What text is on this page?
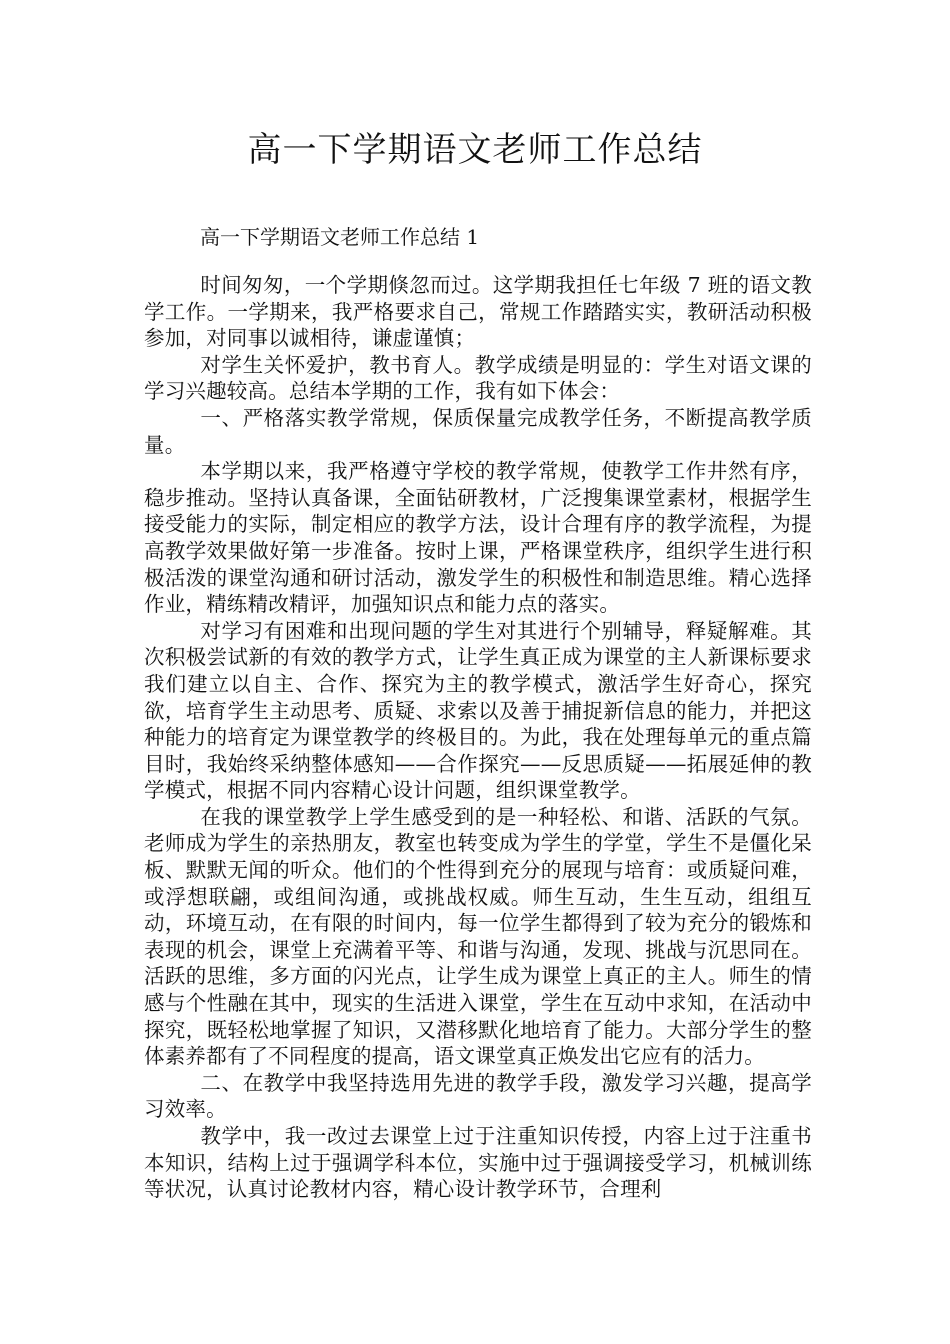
高一下学期语文老师工作总结

高一下学期语文老师工作总结 1

时间匆匆，一个学期倏忽而过。这学期我担任七年级 7 班的语文教学工作。一学期来，我严格要求自己，常规工作踏踏实实，教研活动积极参加，对同事以诚相待，谦虚谨慎；

对学生关怀爱护，教书育人。教学成绩是明显的：学生对语文课的学习兴趣较高。总结本学期的工作，我有如下体会：

一、严格落实教学常规，保质保量完成教学任务，不断提高教学质量。

本学期以来，我严格遵守学校的教学常规，使教学工作井然有序，稳步推动。坚持认真备课，全面钻研教材，广泛搜集课堂素材，根据学生接受能力的实际，制定相应的教学方法，设计合理有序的教学流程，为提高教学效果做好第一步准备。按时上课，严格课堂秩序，组织学生进行积极活泼的课堂沟通和研讨活动，激发学生的积极性和制造思维。精心选择作业，精练精改精评，加强知识点和能力点的落实。

对学习有困难和出现问题的学生对其进行个别辅导，释疑解难。其次积极尝试新的有效的教学方式，让学生真正成为课堂的主人新课标要求我们建立以自主、合作、探究为主的教学模式，激活学生好奇心，探究欲，培育学生主动思考、质疑、求索以及善于捕捉新信息的能力，并把这种能力的培育定为课堂教学的终极目的。为此，我在处理每单元的重点篇目时，我始终采纳整体感知——合作探究——反思质疑——拓展延伸的教学模式，根据不同内容精心设计问题，组织课堂教学。

在我的课堂教学上学生感受到的是一种轻松、和谐、活跃的气氛。老师成为学生的亲热朋友，教室也转变成为学生的学堂，学生不是僵化呆板、默默无闻的听众。他们的个性得到充分的展现与培育：或质疑问难，或浮想联翩，或组间沟通，或挑战权威。师生互动，生生互动，组组互动，环境互动，在有限的时间内，每一位学生都得到了较为充分的锻炼和表现的机会，课堂上充满着平等、和谐与沟通，发现、挑战与沉思同在。活跃的思维，多方面的闪光点，让学生成为课堂上真正的主人。师生的情感与个性融在其中，现实的生活进入课堂，学生在互动中求知，在活动中探究，既轻松地掌握了知识，又潜移默化地培育了能力。大部分学生的整体素养都有了不同程度的提高，语文课堂真正焕发出它应有的活力。

二、在教学中我坚持选用先进的教学手段，激发学习兴趣，提高学习效率。

教学中，我一改过去课堂上过于注重知识传授，内容上过于注重书本知识，结构上过于强调学科本位，实施中过于强调接受学习，机械训练等状况，认真讨论教材内容，精心设计教学环节，合理利
